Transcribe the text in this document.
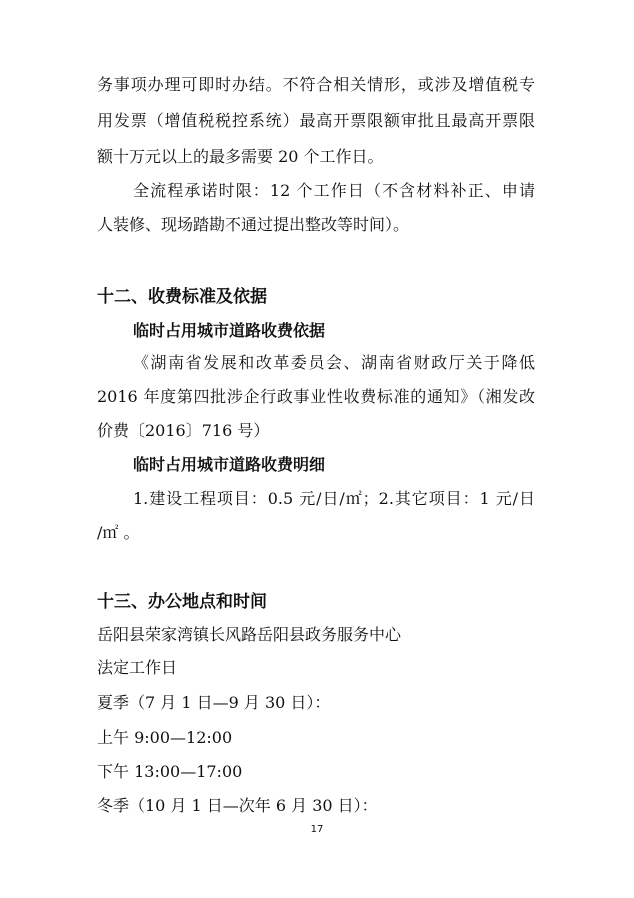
务事项办理可即时办结。不符合相关情形，或涉及增值税专
用发票（增值税税控系统）最高开票限额审批且最高开票限
额十万元以上的最多需要 20 个工作日。
全流程承诺时限：12 个工作日（不含材料补正、申请
人装修、现场踏勘不通过提出整改等时间）。
十二、收费标准及依据
临时占用城市道路收费依据
《湖南省发展和改革委员会、湖南省财政厅关于降低
2016 年度第四批涉企行政事业性收费标准的通知》（湘发改
价费〔2016〕716 号）
临时占用城市道路收费明细
1.建设工程项目：0.5 元/日/㎡；2.其它项目：1 元/日
/㎡ 。
十三、办公地点和时间
岳阳县荣家湾镇长风路岳阳县政务服务中心
法定工作日
夏季（7 月 1 日—9 月 30 日）：
上午 9:00—12:00
下午 13:00—17:00
冬季（10 月 1 日—次年 6 月 30 日）：
17
